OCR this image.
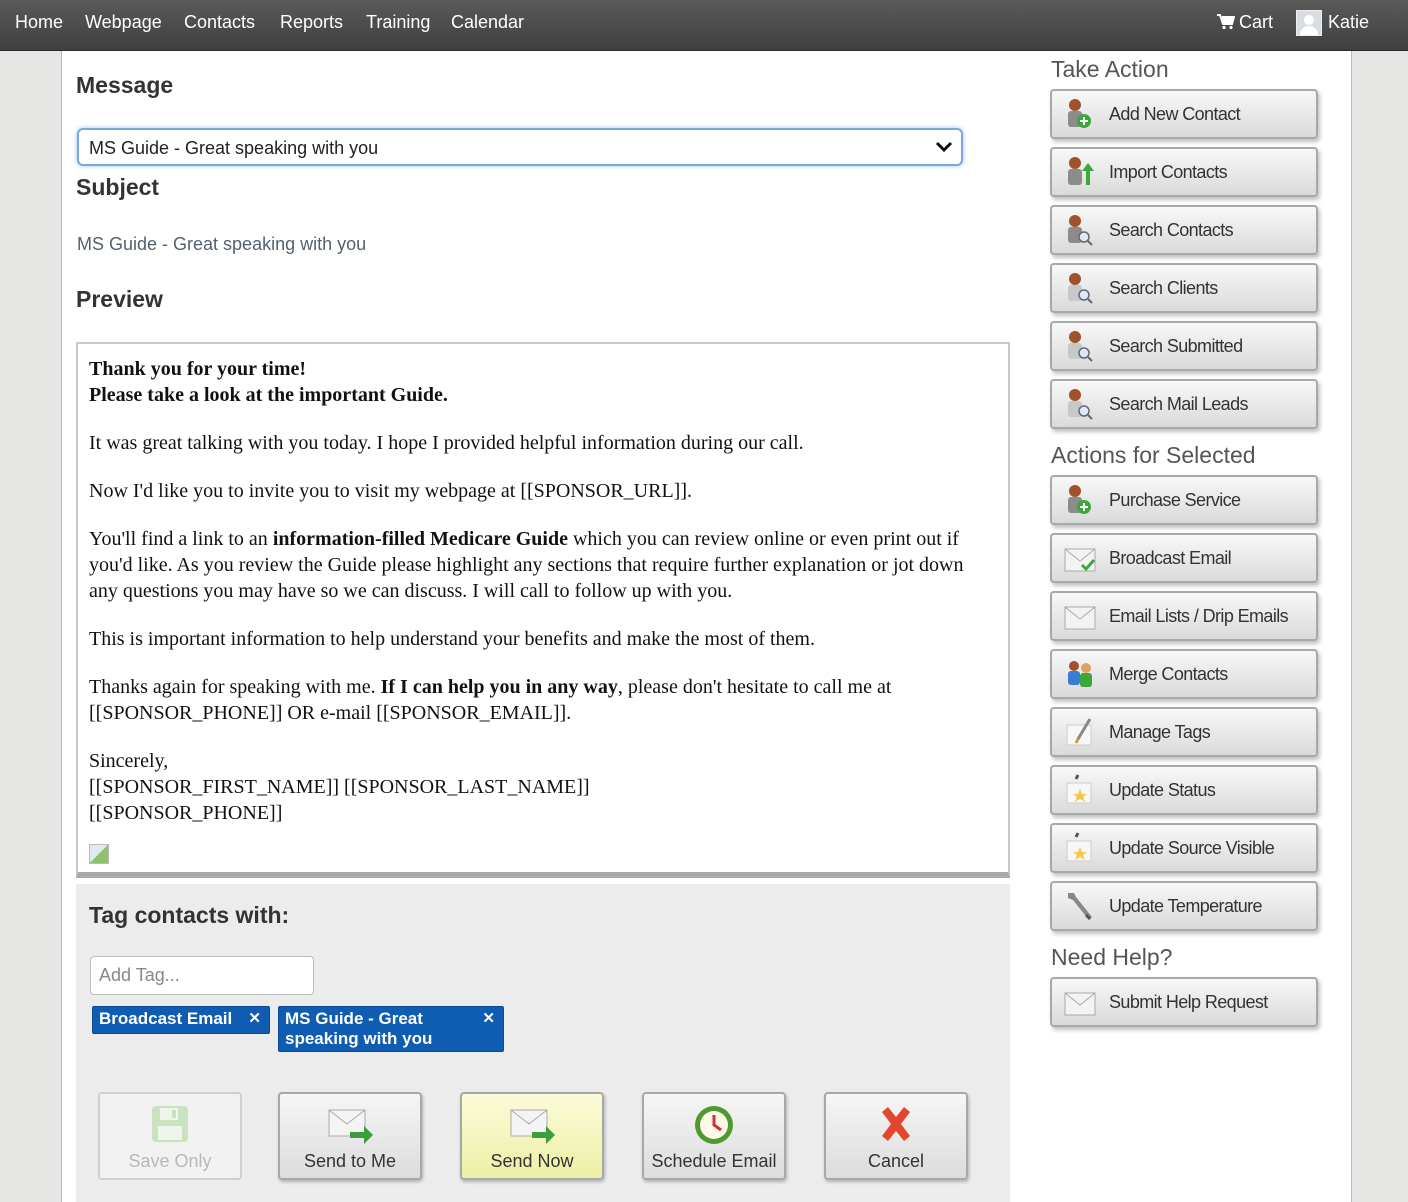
Home Webpage Contacts Reports Training Calendar	Cart	Katie
Message
MS Guide - Great speaking with you
Subject
MS Guide - Great speaking with you
Preview
Thank you for your time!
Please take a look at the important Guide.

It was great talking with you today. I hope I provided helpful information during our call.

Now I'd like you to invite you to visit my webpage at [[SPONSOR_URL]].

You'll find a link to an information-filled Medicare Guide which you can review online or even print out if you'd like. As you review the Guide please highlight any sections that require further explanation or jot down any questions you may have so we can discuss. I will call to follow up with you.

This is important information to help understand your benefits and make the most of them.

Thanks again for speaking with me. If I can help you in any way, please don't hesitate to call me at [[SPONSOR_PHONE]] OR e-mail [[SPONSOR_EMAIL]].

Sincerely,
[[SPONSOR_FIRST_NAME]] [[SPONSOR_LAST_NAME]]
[[SPONSOR_PHONE]]
Tag contacts with:
Add Tag...
Broadcast Email ✕	MS Guide - Great speaking with you
✕
Save Only	Send to Me	Send Now	Schedule Email	Cancel
Take Action
Add New Contact
Import Contacts
Search Contacts
Search Clients
Search Submitted
Search Mail Leads
Actions for Selected
Purchase Service
Broadcast Email
Email Lists / Drip Emails
Merge Contacts
Manage Tags
Update Status
Update Source Visible
Update Temperature
Need Help?
Submit Help Request
